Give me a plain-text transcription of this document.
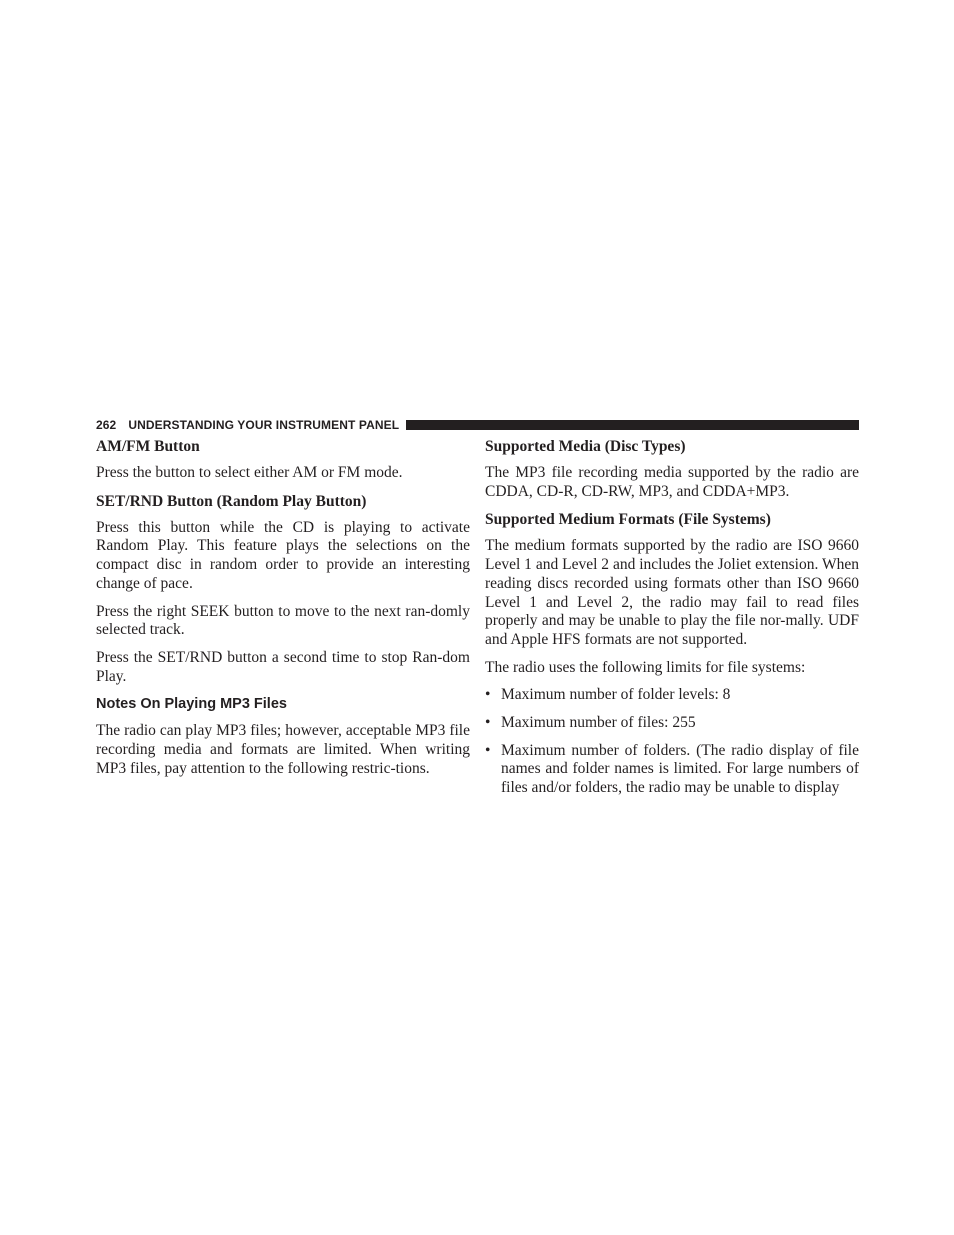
262 UNDERSTANDING YOUR INSTRUMENT PANEL
AM/FM Button

Press the button to select either AM or FM mode.

SET/RND Button (Random Play Button)

Press this button while the CD is playing to activate Random Play. This feature plays the selections on the compact disc in random order to provide an interesting change of pace.

Press the right SEEK button to move to the next ran-domly selected track.

Press the SET/RND button a second time to stop Ran-dom Play.

Notes On Playing MP3 Files

The radio can play MP3 files; however, acceptable MP3 file recording media and formats are limited. When writing MP3 files, pay attention to the following restric-tions.

Supported Media (Disc Types)

The MP3 file recording media supported by the radio are CDDA, CD-R, CD-RW, MP3, and CDDA+MP3.

Supported Medium Formats (File Systems)

The medium formats supported by the radio are ISO 9660 Level 1 and Level 2 and includes the Joliet extension. When reading discs recorded using formats other than ISO 9660 Level 1 and Level 2, the radio may fail to read files properly and may be unable to play the file nor-mally. UDF and Apple HFS formats are not supported.

The radio uses the following limits for file systems:

• Maximum number of folder levels: 8
• Maximum number of files: 255
• Maximum number of folders. (The radio display of file names and folder names is limited. For large numbers of files and/or folders, the radio may be unable to display
